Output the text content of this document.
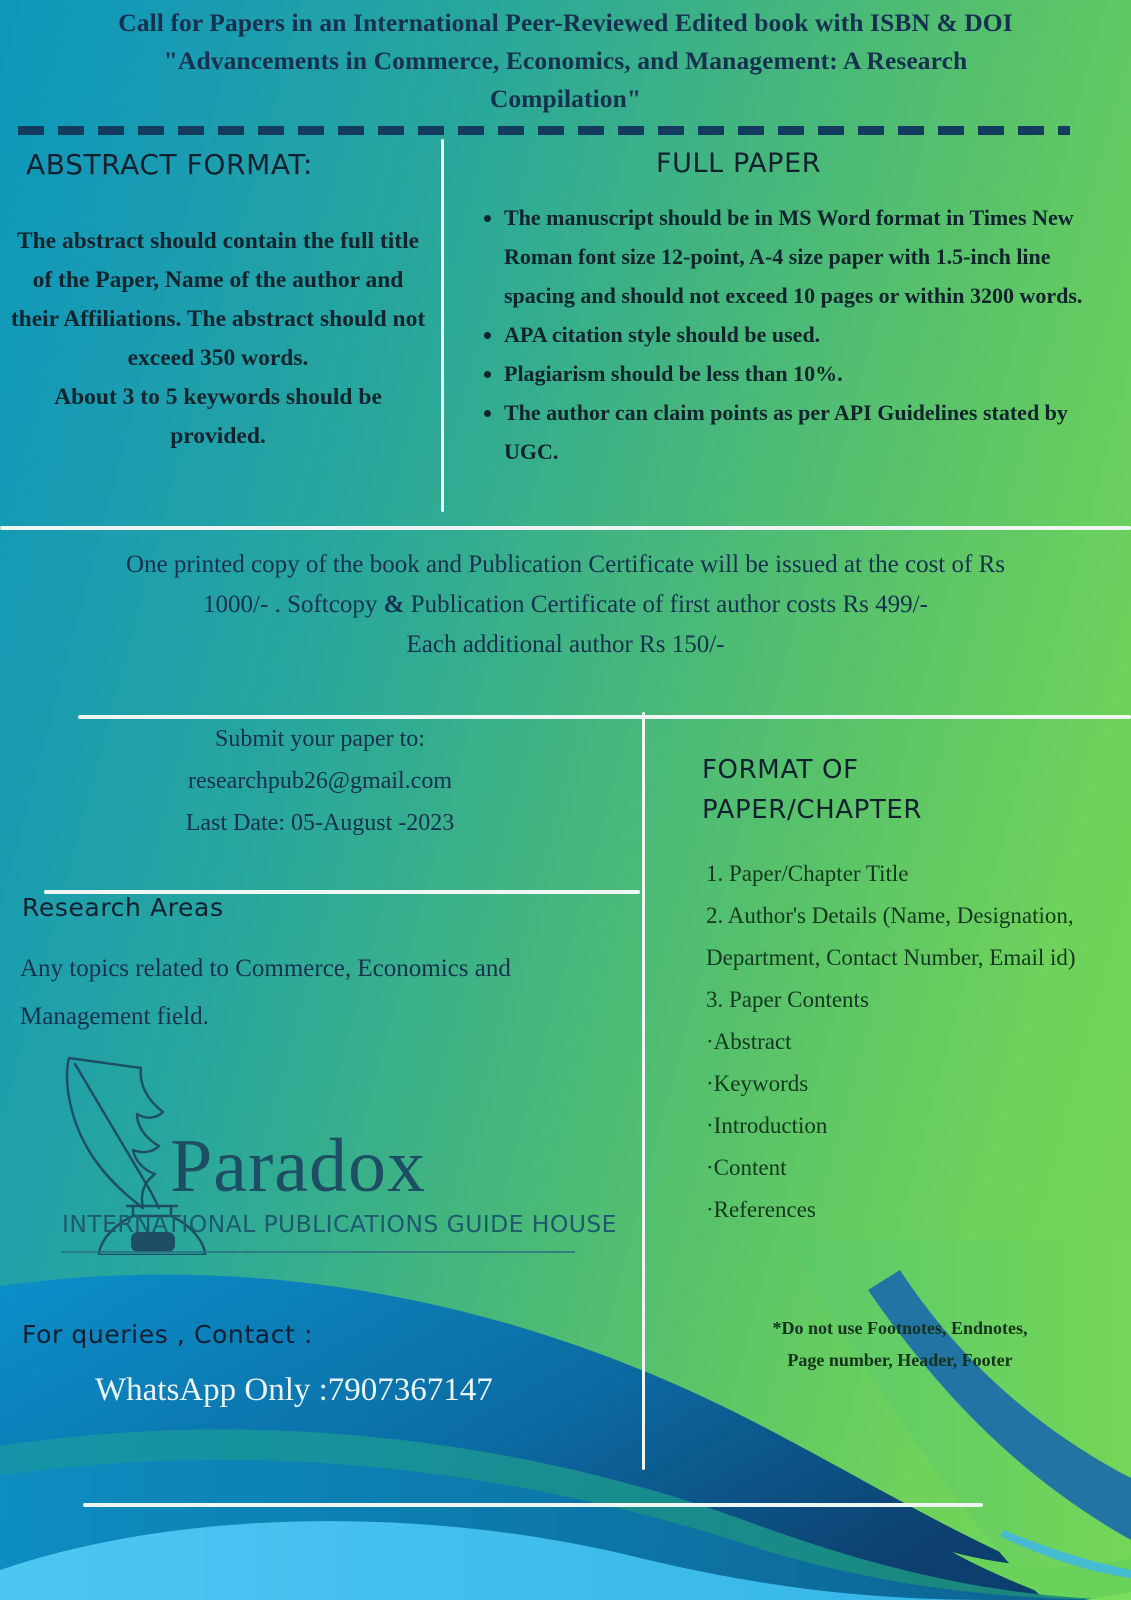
Call for Papers in an International Peer-Reviewed Edited book with ISBN & DOI
"Advancements in Commerce, Economics, and Management: A Research
Compilation"
ABSTRACT FORMAT:
The abstract should contain the full title of the Paper, Name of the author and their Affiliations. The abstract should not exceed 350 words.
About 3 to 5 keywords should be provided.
FULL PAPER
• The manuscript should be in MS Word format in Times New Roman font size 12-point, A-4 size paper with 1.5-inch line spacing and should not exceed 10 pages or within 3200 words.
• APA citation style should be used.
• Plagiarism should be less than 10%.
• The author can claim points as per API Guidelines stated by UGC.
One printed copy of the book and Publication Certificate will be issued at the cost of Rs
1000/- . Softcopy & Publication Certificate of first author costs Rs 499/-
Each additional author Rs 150/-
Submit your paper to:
researchpub26@gmail.com
Last Date: 05-August -2023
Research Areas
Any topics related to Commerce, Economics and Management field.
Paradox
INTERNATIONAL PUBLICATIONS GUIDE HOUSE
For queries , Contact :
WhatsApp Only :7907367147
FORMAT OF
PAPER/CHAPTER
1. Paper/Chapter Title
2. Author's Details (Name, Designation, Department, Contact Number, Email id)
3. Paper Contents
·Abstract
·Keywords
·Introduction
·Content
·References
*Do not use Footnotes, Endnotes,
Page number, Header, Footer
